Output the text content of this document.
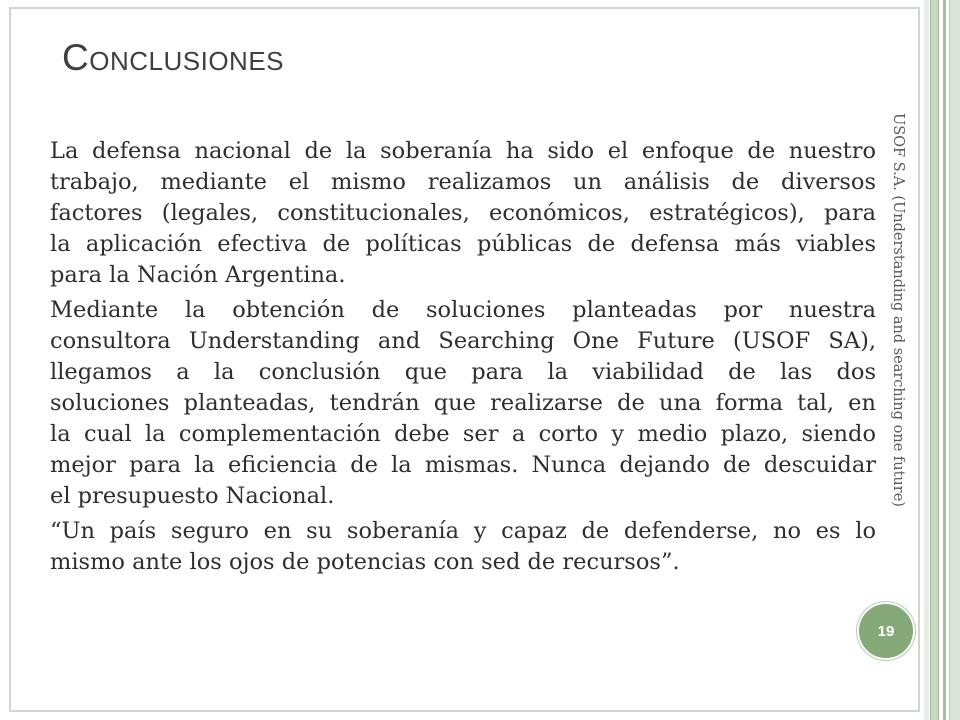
CONCLUSIONES
La defensa nacional de la soberanía ha sido el enfoque de nuestro
trabajo, mediante el mismo realizamos un análisis de diversos
factores (legales, constitucionales, económicos, estratégicos), para
la aplicación efectiva de políticas públicas de defensa más viables
para la Nación Argentina.
Mediante la obtención de soluciones planteadas por nuestra
consultora Understanding and Searching One Future (USOF SA),
llegamos a la conclusión que para la viabilidad de las dos
soluciones planteadas, tendrán que realizarse de una forma tal, en
la cual la complementación debe ser a corto y medio plazo, siendo
mejor para la eficiencia de la mismas. Nunca dejando de descuidar
el presupuesto Nacional.
“Un país seguro en su soberanía y capaz de defenderse, no es lo
mismo ante los ojos de potencias con sed de recursos”.
USOF S.A. (Understanding and searching one future)
19
